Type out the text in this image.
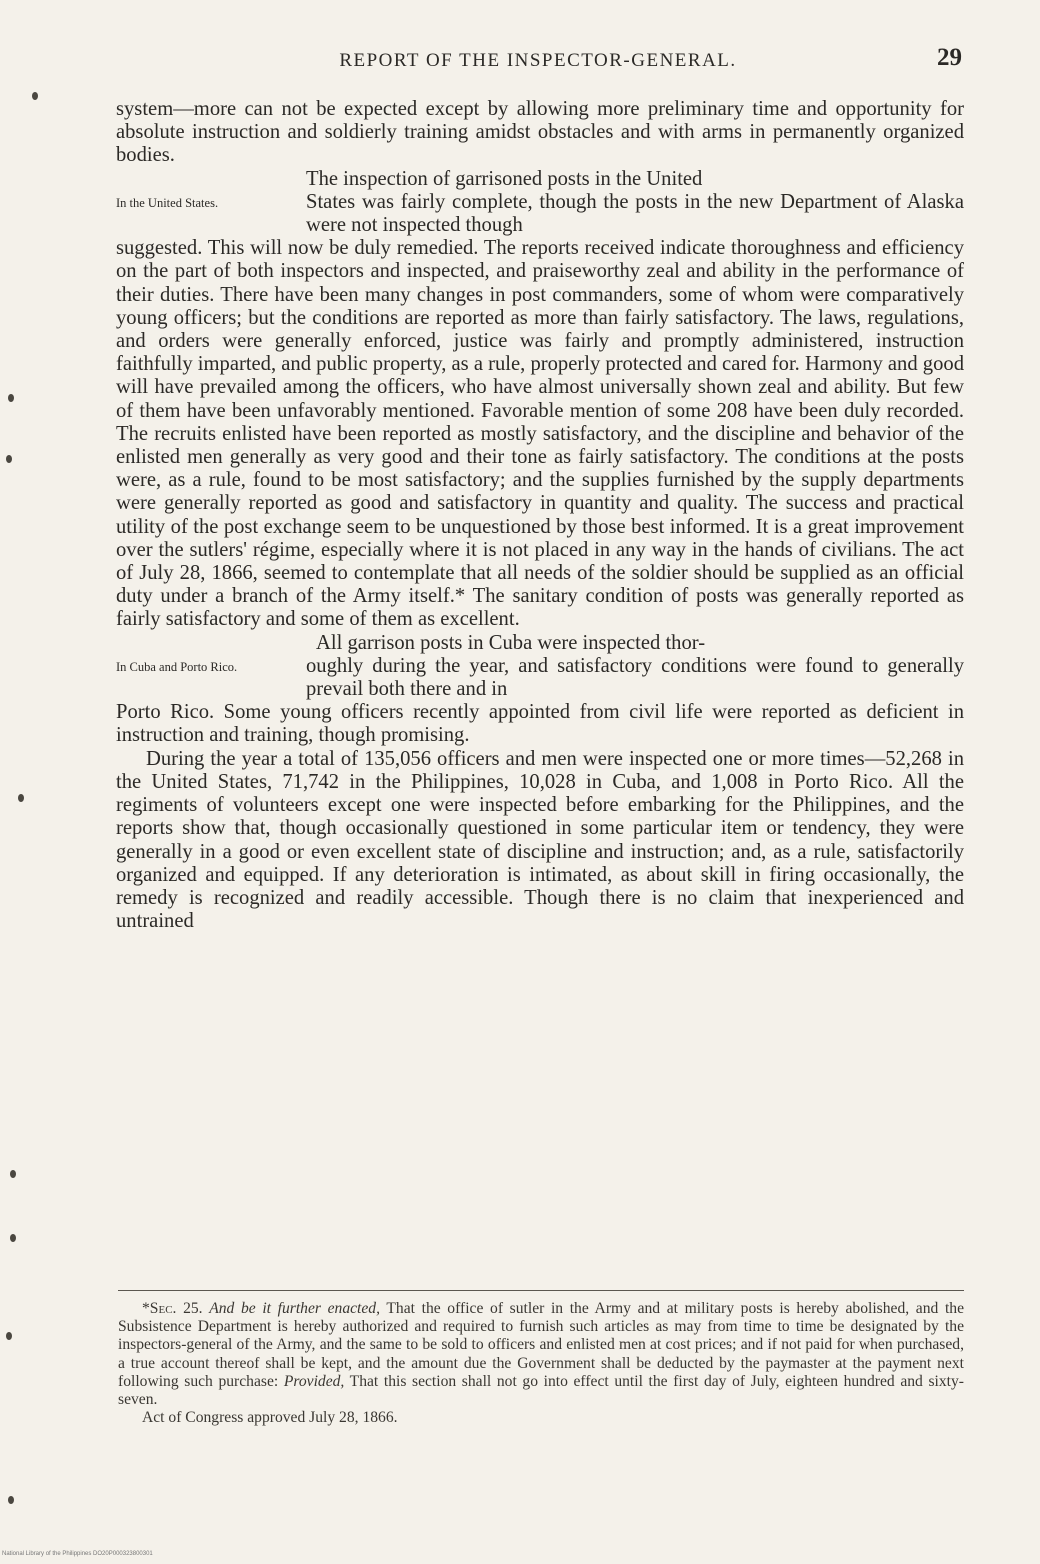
REPORT OF THE INSPECTOR-GENERAL.	29

system—more can not be expected except by allowing more preliminary time and opportunity for absolute instruction and soldierly training amidst obstacles and with arms in permanently organized bodies.

The inspection of garrisoned posts in the United

In the United States.	States was fairly complete, though the posts in the new Department of Alaska were not inspected though

suggested. This will now be duly remedied. The reports received indicate thoroughness and efficiency on the part of both inspectors and inspected, and praiseworthy zeal and ability in the performance of their duties. There have been many changes in post commanders, some of whom were comparatively young officers; but the conditions are reported as more than fairly satisfactory. The laws, regulations, and orders were generally enforced, justice was fairly and promptly administered, instruction faithfully imparted, and public property, as a rule, properly protected and cared for. Harmony and good will have prevailed among the officers, who have almost universally shown zeal and ability. But few of them have been unfavorably mentioned. Favorable mention of some 208 have been duly recorded. The recruits enlisted have been reported as mostly satisfactory, and the discipline and behavior of the enlisted men generally as very good and their tone as fairly satisfactory. The conditions at the posts were, as a rule, found to be most satisfactory; and the supplies furnished by the supply departments were generally reported as good and satisfactory in quantity and quality. The success and practical utility of the post exchange seem to be unquestioned by those best informed. It is a great improvement over the sutlers' régime, especially where it is not placed in any way in the hands of civilians. The act of July 28, 1866, seemed to contemplate that all needs of the soldier should be supplied as an official duty under a branch of the Army itself.* The sanitary condition of posts was generally reported as fairly satisfactory and some of them as excellent.

All garrison posts in Cuba were inspected thor-

In Cuba and Porto Rico.	oughly during the year, and satisfactory conditions were found to generally prevail both there and in

Porto Rico. Some young officers recently appointed from civil life were reported as deficient in instruction and training, though promising.

During the year a total of 135,056 officers and men were inspected one or more times—52,268 in the United States, 71,742 in the Philippines, 10,028 in Cuba, and 1,008 in Porto Rico. All the regiments of volunteers except one were inspected before embarking for the Philippines, and the reports show that, though occasionally questioned in some particular item or tendency, they were generally in a good or even excellent state of discipline and instruction; and, as a rule, satisfactorily organized and equipped. If any deterioration is intimated, as about skill in firing occasionally, the remedy is recognized and readily accessible. Though there is no claim that inexperienced and untrained

*Sec. 25. And be it further enacted, That the office of sutler in the Army and at military posts is hereby abolished, and the Subsistence Department is hereby authorized and required to furnish such articles as may from time to time be designated by the inspectors-general of the Army, and the same to be sold to officers and enlisted men at cost prices; and if not paid for when purchased, a true account thereof shall be kept, and the amount due the Government shall be deducted by the paymaster at the payment next following such purchase: Provided, That this section shall not go into effect until the first day of July, eighteen hundred and sixty-seven.

Act of Congress approved July 28, 1866.

National Library of the Philippines DO20P000323800301
